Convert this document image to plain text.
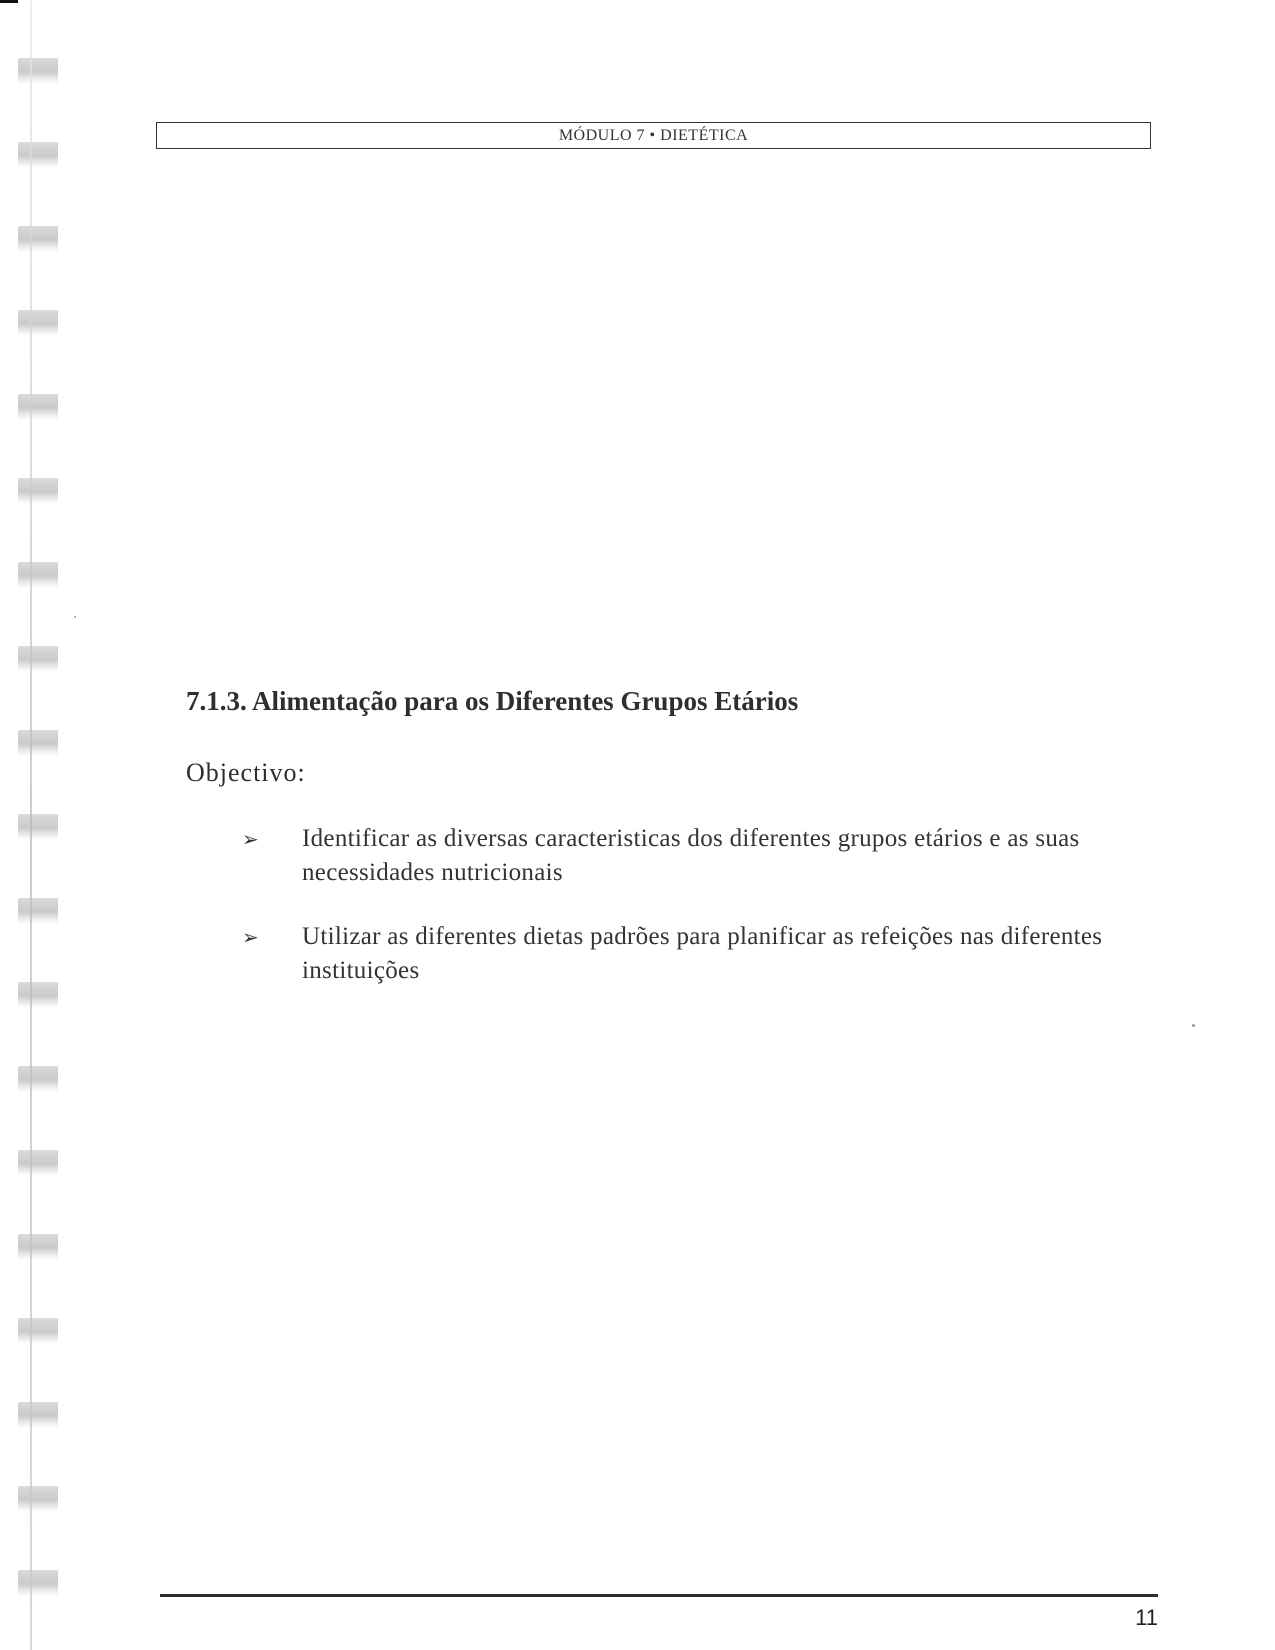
MÓDULO 7 • DIETÉTICA
7.1.3. Alimentação para os Diferentes Grupos Etários
Objectivo:
➢	Identificar as diversas caracteristicas dos diferentes grupos etários e as suas necessidades nutricionais
➢	Utilizar as diferentes dietas padrões para planificar as refeições nas diferentes instituições
11
